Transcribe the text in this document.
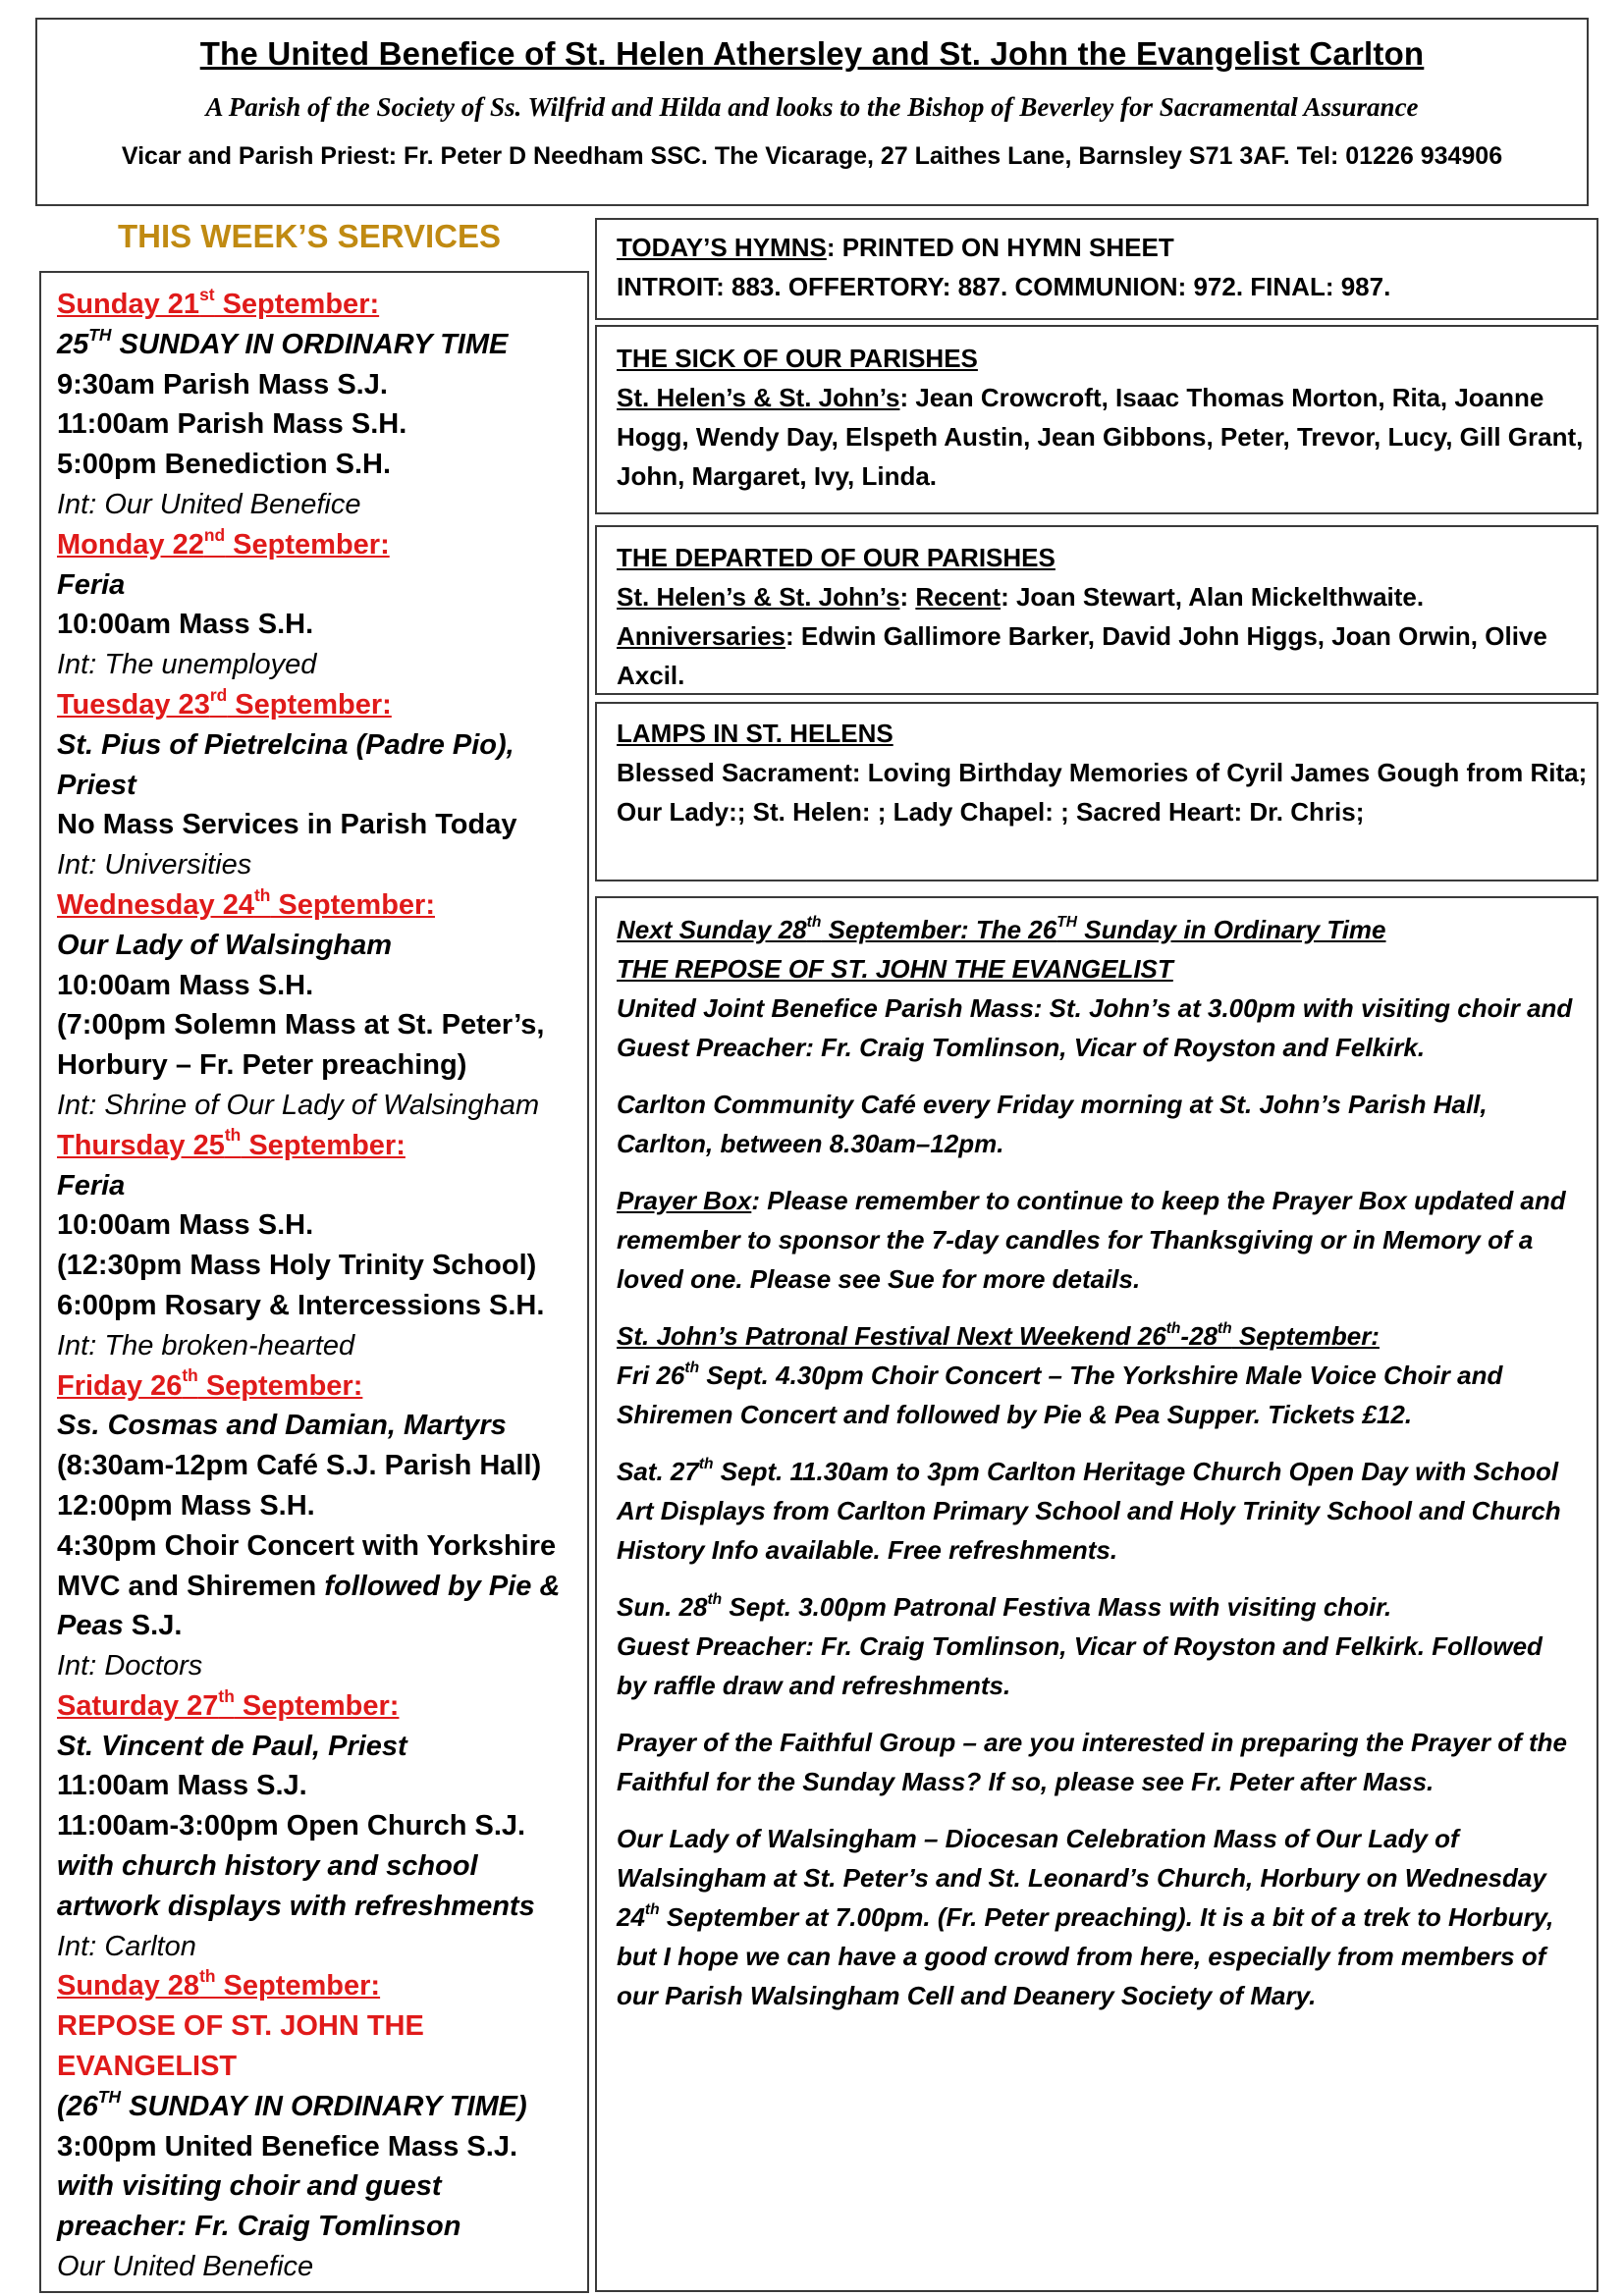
The United Benefice of St. Helen Athersley and St. John the Evangelist Carlton
A Parish of the Society of Ss. Wilfrid and Hilda and looks to the Bishop of Beverley for Sacramental Assurance
Vicar and Parish Priest: Fr. Peter D Needham SSC. The Vicarage, 27 Laithes Lane, Barnsley S71 3AF. Tel: 01226 934906
THIS WEEK’S SERVICES

Sunday 21st September:

25TH SUNDAY IN ORDINARY TIME

9:30am Parish Mass S.J.

11:00am Parish Mass S.H.

5:00pm Benediction S.H.

Int: Our United Benefice

Monday 22nd September:

Feria

10:00am Mass S.H.

Int: The unemployed

Tuesday 23rd September:

St. Pius of Pietrelcina (Padre Pio),

Priest

No Mass Services in Parish Today

Int: Universities

Wednesday 24th September:

Our Lady of Walsingham

10:00am Mass S.H.

(7:00pm Solemn Mass at St. Peter’s,

Horbury – Fr. Peter preaching)

Int: Shrine of Our Lady of Walsingham

Thursday 25th September:

Feria

10:00am Mass S.H.

(12:30pm Mass Holy Trinity School)

6:00pm Rosary & Intercessions S.H.

Int: The broken-hearted

Friday 26th September:

Ss. Cosmas and Damian, Martyrs

(8:30am-12pm Café S.J. Parish Hall)

12:00pm Mass S.H.

4:30pm Choir Concert with Yorkshire

MVC and Shiremen followed by Pie &

Peas S.J.

Int: Doctors

Saturday 27th September:

St. Vincent de Paul, Priest

11:00am Mass S.J.

11:00am-3:00pm Open Church S.J.

with church history and school

artwork displays with refreshments

Int: Carlton

Sunday 28th September:

REPOSE OF ST. JOHN THE

EVANGELIST

(26TH SUNDAY IN ORDINARY TIME)

3:00pm United Benefice Mass S.J.

with visiting choir and guest

preacher: Fr. Craig Tomlinson

Our United Benefice

TODAY’S HYMNS: PRINTED ON HYMN SHEET

INTROIT: 883. OFFERTORY: 887. COMMUNION: 972. FINAL: 987.

THE SICK OF OUR PARISHES

St. Helen’s & St. John’s: Jean Crowcroft, Isaac Thomas Morton, Rita, Joanne Hogg, Wendy Day, Elspeth Austin, Jean Gibbons, Peter, Trevor, Lucy, Gill Grant, John, Margaret, Ivy, Linda.

THE DEPARTED OF OUR PARISHES

St. Helen’s & St. John’s: Recent: Joan Stewart, Alan Mickelthwaite.

Anniversaries: Edwin Gallimore Barker, David John Higgs, Joan Orwin, Olive Axcil.

LAMPS IN ST. HELENS

Blessed Sacrament: Loving Birthday Memories of Cyril James Gough from Rita;

Our Lady:; St. Helen: ; Lady Chapel: ; Sacred Heart: Dr. Chris;

Next Sunday 28th September: The 26TH Sunday in Ordinary Time

THE REPOSE OF ST. JOHN THE EVANGELIST

United Joint Benefice Parish Mass: St. John’s at 3.00pm with visiting choir and Guest Preacher: Fr. Craig Tomlinson, Vicar of Royston and Felkirk.

Carlton Community Café every Friday morning at St. John’s Parish Hall, Carlton, between 8.30am–12pm.

Prayer Box: Please remember to continue to keep the Prayer Box updated and remember to sponsor the 7-day candles for Thanksgiving or in Memory of a loved one. Please see Sue for more details.

St. John’s Patronal Festival Next Weekend 26th-28th September:

Fri 26th Sept. 4.30pm Choir Concert – The Yorkshire Male Voice Choir and Shiremen Concert and followed by Pie & Pea Supper. Tickets £12.

Sat. 27th Sept. 11.30am to 3pm Carlton Heritage Church Open Day with School Art Displays from Carlton Primary School and Holy Trinity School and Church History Info available. Free refreshments.

Sun. 28th Sept. 3.00pm Patronal Festiva Mass with visiting choir.

Guest Preacher: Fr. Craig Tomlinson, Vicar of Royston and Felkirk. Followed by raffle draw and refreshments.

Prayer of the Faithful Group – are you interested in preparing the Prayer of the Faithful for the Sunday Mass? If so, please see Fr. Peter after Mass.

Our Lady of Walsingham – Diocesan Celebration Mass of Our Lady of Walsingham at St. Peter’s and St. Leonard’s Church, Horbury on Wednesday 24th September at 7.00pm. (Fr. Peter preaching). It is a bit of a trek to Horbury, but I hope we can have a good crowd from here, especially from members of our Parish Walsingham Cell and Deanery Society of Mary.
